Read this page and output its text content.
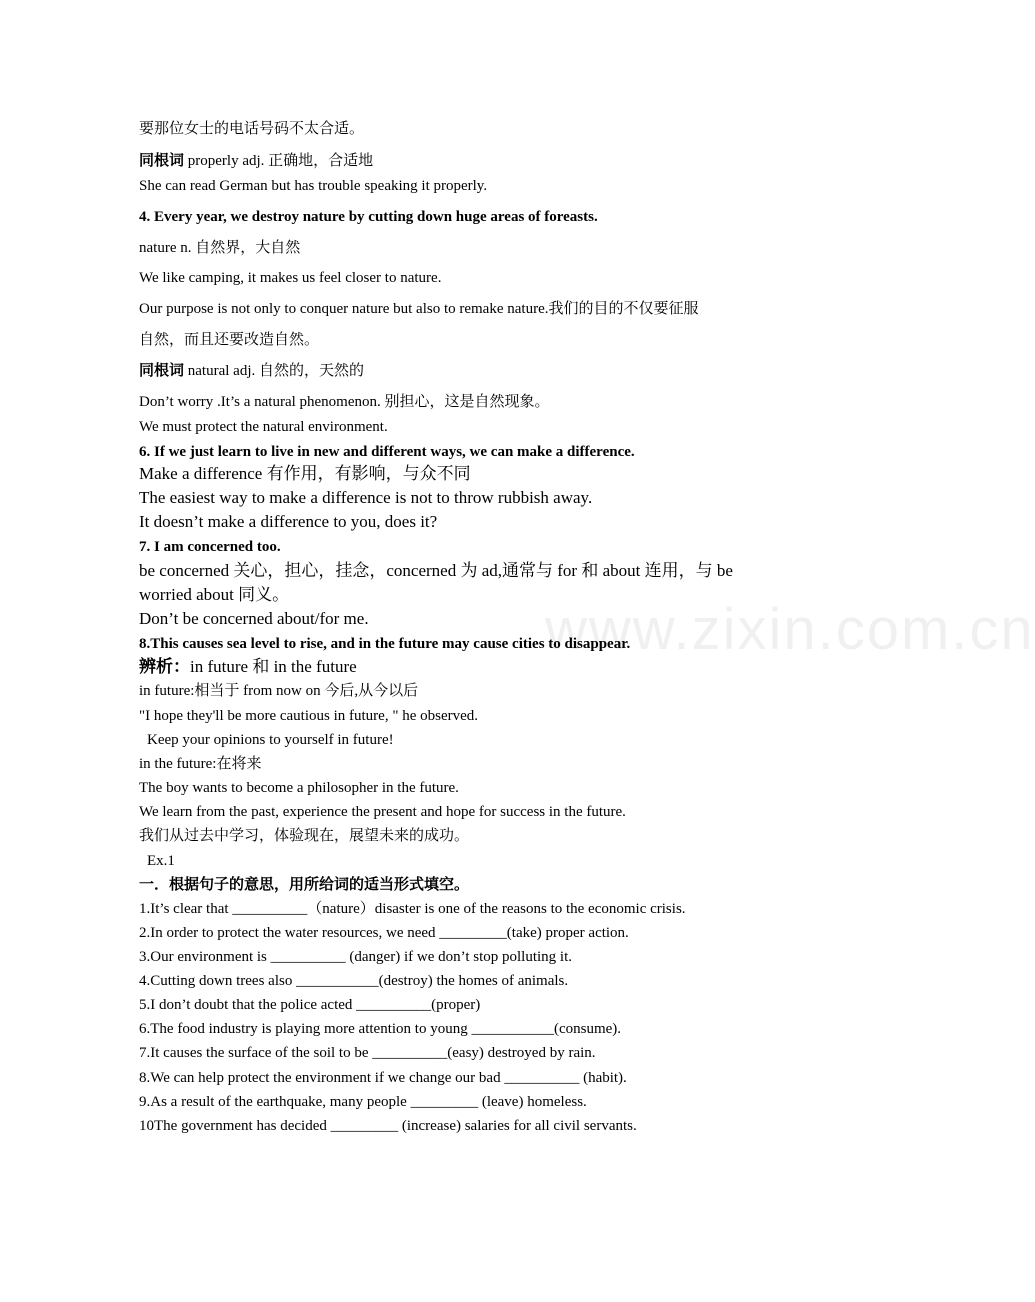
www.zixin.com.cn
要那位女士的电话号码不太合适。
同根词 properly adj. 正确地，合适地
She can read German but has trouble speaking it properly.
4. Every year, we destroy nature by cutting down huge areas of foreasts.
nature n. 自然界，大自然
We like camping, it makes us feel closer to nature.
Our purpose is not only to conquer nature but also to remake nature.我们的目的不仅要征服
自然，而且还要改造自然。
同根词 natural adj. 自然的，天然的
Don’t worry .It’s a natural phenomenon. 别担心，这是自然现象。
We must protect the natural environment.
6. If we just learn to live in new and different ways, we can make a difference.
Make a difference 有作用，有影响，与众不同
The easiest way to make a difference is not to throw rubbish away.
It doesn’t make a difference to you, does it?
7. I am concerned too.
be concerned 关心，担心，挂念，concerned 为 ad,通常与 for 和 about 连用，与 be
worried about 同义。
Don’t be concerned about/for me.
8.This causes sea level to rise, and in the future may cause cities to disappear.
辨析：in future 和 in the future
in future:相当于 from now on 今后,从今以后
"I hope they'll be more cautious in future, " he observed.
Keep your opinions to yourself in future!
in the future:在将来
The boy wants to become a philosopher in the future.
We learn from the past, experience the present and hope for success in the future.
我们从过去中学习，体验现在，展望未来的成功。
Ex.1
一．根据句子的意思，用所给词的适当形式填空。
1.It’s clear that __________（nature）disaster is one of the reasons to the economic crisis.
2.In order to protect the water resources, we need _________(take) proper action.
3.Our environment is __________ (danger) if we don’t stop polluting it.
4.Cutting down trees also ___________(destroy) the homes of animals.
5.I don’t doubt that the police acted __________(proper)
6.The food industry is playing more attention to young ___________(consume).
7.It causes the surface of the soil to be __________(easy) destroyed by rain.
8.We can help protect the environment if we change our bad __________ (habit).
9.As a result of the earthquake, many people _________ (leave) homeless.
10The government has decided _________ (increase) salaries for all civil servants.
